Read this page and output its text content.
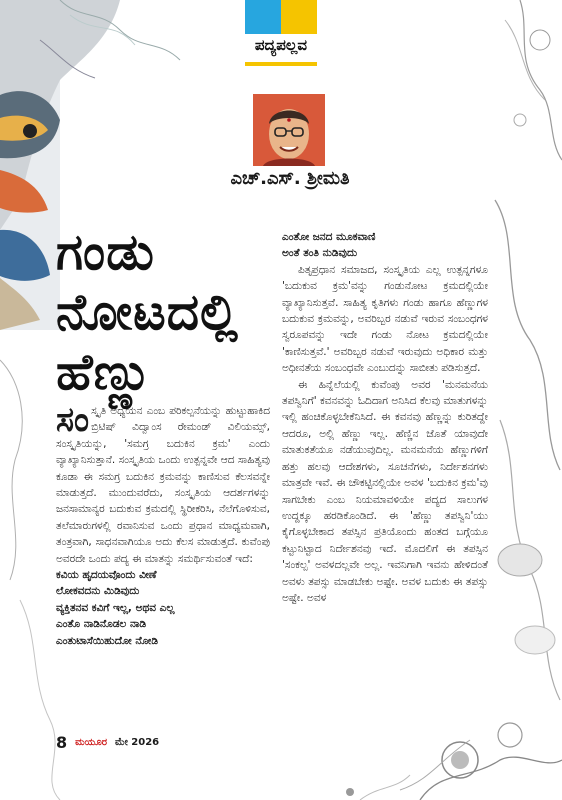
ಪದ್ಯಪಲ್ಲವ
ಎಚ್.ಎಸ್. ಶ್ರೀಮತಿ
ಗಂಡು
ನೋಟದಲ್ಲಿ
ಹೆಣ್ಣು

ಸಂಸ್ಕೃತಿ ಅಧ್ಯಯನ ಎಂಬ ಪರಿಕಲ್ಪನೆಯನ್ನು ಹುಟ್ಟುಹಾಕಿದ ಬ್ರಿಟಿಷ್ ವಿದ್ವಾಂಸ ರೇಮಂಡ್ ವಿಲಿಯಮ್ಸ್, ಸಂಸ್ಕೃತಿಯನ್ನು, 'ಸಮಗ್ರ ಬದುಕಿನ ಕ್ರಮ' ಎಂದು ವ್ಯಾಖ್ಯಾನಿಸುತ್ತಾನೆ. ಸಂಸ್ಕೃತಿಯ ಒಂದು ಉತ್ಪನ್ನವೇ ಆದ ಸಾಹಿತ್ಯವು ಕೂಡಾ ಈ ಸಮಗ್ರ ಬದುಕಿನ ಕ್ರಮವನ್ನು ಕಾಣಿಸುವ ಕೆಲಸವನ್ನೇ ಮಾಡುತ್ತದೆ. ಮುಂದುವರೆದು, ಸಂಸ್ಕೃತಿಯ ಆದರ್ಶಗಳನ್ನು ಜನಸಾಮಾನ್ಯರ ಬದುಕುವ ಕ್ರಮದಲ್ಲಿ ಸ್ಥಿರೀಕರಿಸಿ, ನೆಲೆಗೊಳಿಸುವ, ತಲೆಮಾರುಗಳಲ್ಲಿ ರವಾನಿಸುವ ಒಂದು ಪ್ರಧಾನ ಮಾಧ್ಯಮವಾಗಿ, ತಂತ್ರವಾಗಿ, ಸಾಧನವಾಗಿಯೂ ಅದು ಕೆಲಸ ಮಾಡುತ್ತದೆ. ಕುವೆಂಪು ಅವರದೇ ಒಂದು ಪದ್ಯ ಈ ಮಾತನ್ನು ಸಮರ್ಥಿಸುವಂತೆ ಇದೆ:

ಕವಿಯ ಹೃದಯವೊಂದು ವೀಣೆ
ಲೋಕವದನು ಮಿಡಿವುದು
ವ್ಯಕ್ತಿತನವ ಕವಿಗೆ ಇಲ್ಲ, ಅಥವ ಎಲ್ಲ
ಎಂತೊ ನಾಡಿನೊಡಲ ನಾಡಿ
ಎಂತುಟಾಸೆಯಿಹುದೋ ನೋಡಿ
ಎಂತೋ ಜನದ ಮೂಕವಾಣಿ
ಅಂತೆ ತಂತಿ ನುಡಿವುದು

ಪಿತೃಪ್ರಧಾನ ಸಮಾಜದ, ಸಂಸ್ಕೃತಿಯ ಎಲ್ಲ ಉತ್ಪನ್ನಗಳೂ 'ಬದುಕುವ ಕ್ರಮ'ವನ್ನು ಗಂಡುನೋಟ ಕ್ರಮದಲ್ಲಿಯೇ ವ್ಯಾಖ್ಯಾನಿಸುತ್ತವೆ. ಸಾಹಿತ್ಯ ಕೃತಿಗಳು ಗಂಡು ಹಾಗೂ ಹೆಣ್ಣುಗಳ ಬದುಕುವ ಕ್ರಮವನ್ನು, ಅವರಿಬ್ಬರ ನಡುವೆ ಇರುವ ಸಂಬಂಧಗಳ ಸ್ವರೂಪವನ್ನು ಇದೇ ಗಂಡು ನೋಟ ಕ್ರಮದಲ್ಲಿಯೇ 'ಕಾಣಿಸುತ್ತವೆ.' ಅವರಿಬ್ಬರ ನಡುವೆ ಇರುವುದು ಅಧಿಕಾರ ಮತ್ತು ಅಧೀನತೆಯ ಸಂಬಂಧವೇ ಎಂಬುದನ್ನು ಸಾಬೀತು ಪಡಿಸುತ್ತದೆ.

ಈ ಹಿನ್ನೆಲೆಯಲ್ಲಿ ಕುವೆಂಪು ಅವರ 'ಮನಮನೆಯ ತಪಸ್ವಿನಿಗೆ' ಕವನವನ್ನು ಓದಿದಾಗ ಅನಿಸಿದ ಕೆಲವು ಮಾತುಗಳನ್ನು ಇಲ್ಲಿ ಹಂಚಿಕೊಳ್ಳಬೇಕೆನಿಸಿದೆ. ಈ ಕವನವು ಹೆಣ್ಣನ್ನು ಕುರಿತದ್ದೇ ಆದರೂ, ಅಲ್ಲಿ ಹೆಣ್ಣು ಇಲ್ಲ. ಹೆಣ್ಣಿನ ಜೊತೆ ಯಾವುದೇ ಮಾತುಕತೆಯೂ ನಡೆಯುವುದಿಲ್ಲ. ಮನಮನೆಯ ಹೆಣ್ಣುಗಳಿಗೆ ಹತ್ತು ಹಲವು ಆದೇಶಗಳು, ಸೂಚನೆಗಳು, ನಿರ್ದೇಶನಗಳು ಮಾತ್ರವೇ ಇವೆ. ಈ ಚೌಕಟ್ಟಿನಲ್ಲಿಯೇ ಅವಳ 'ಬದುಕಿನ ಕ್ರಮ'ವು ಸಾಗಬೇಕು ಎಂಬ ನಿಯಮಾವಳಿಯೇ ಪದ್ಯದ ಸಾಲುಗಳ ಉದ್ದಕ್ಕೂ ಹರಡಿಕೊಂಡಿದೆ. ಈ 'ಹೆಣ್ಣು ತಪಸ್ವಿನಿ'ಯು ಕೈಗೊಳ್ಳಬೇಕಾದ ತಪಸ್ಸಿನ ಪ್ರತಿಯೊಂದು ಹಂತದ ಬಗ್ಗೆಯೂ ಕಟ್ಟುನಿಟ್ಟಾದ ನಿರ್ದೇಶನವು ಇದೆ. ಮೊದಲಿಗೆ ಈ ತಪಸ್ಸಿನ 'ಸಂಕಲ್ಪ' ಅವಳದಲ್ಲವೇ ಅಲ್ಲ. ಇವನಿಗಾಗಿ ಇವನು ಹೇಳಿದಂತೆ ಅವಳು ತಪಸ್ಸು ಮಾಡಬೇಕು ಅಷ್ಟೇ. ಅವಳ ಬದುಕು ಈ ತಪಸ್ಸು ಅಷ್ಟೇ. ಅವಳ

8 ಮಯೂರ ಮೇ 2026
